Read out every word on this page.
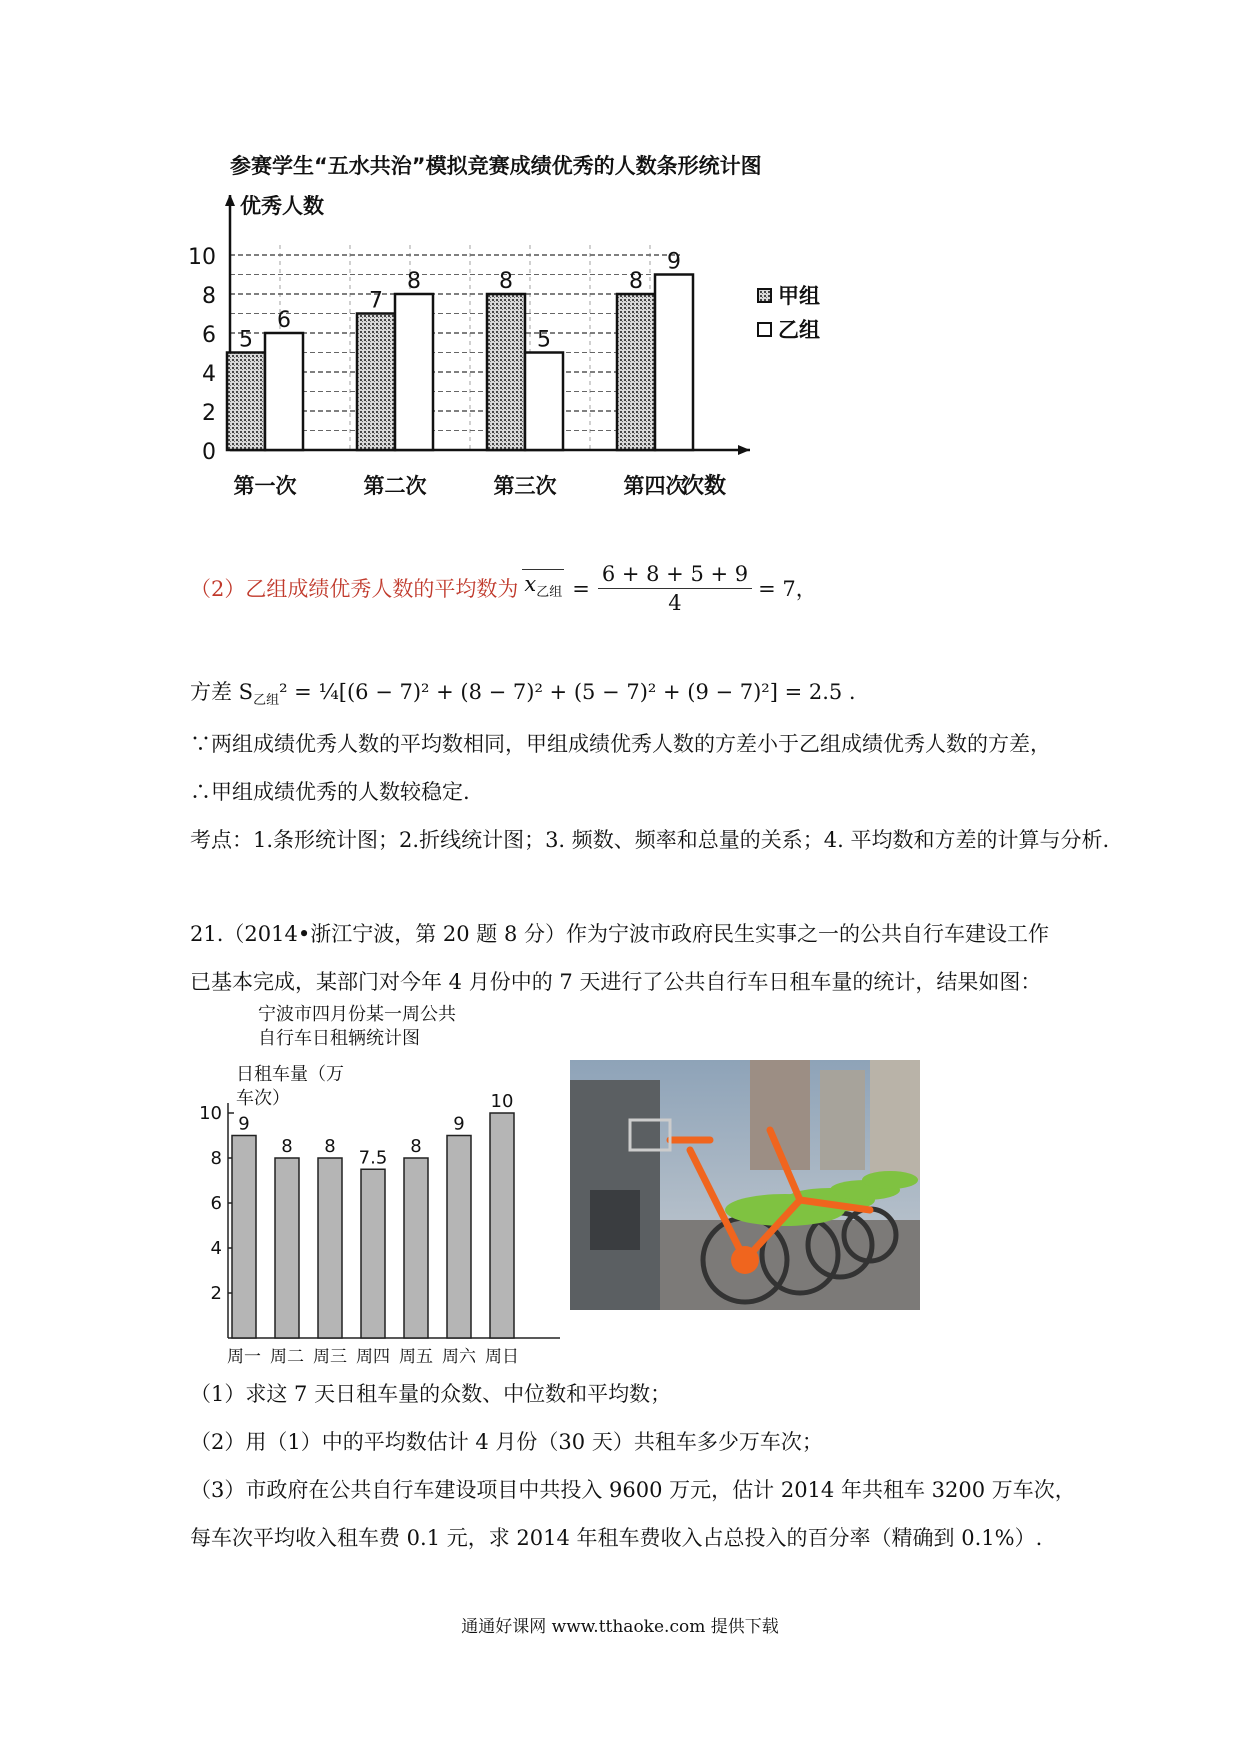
参赛学生“五水共治”模拟竞赛成绩优秀的人数条形统计图
0
2
4
6
8
10
优秀人数
次数
5
6
第一次
7
8
第二次
8
5
第三次
8
9
第四次
甲组
乙组
（2）乙组成绩优秀人数的平均数为 $x_{乙组} = \frac{6 + 8 + 5 + 9}{4} = 7$，
方差 $S_{乙组}^2$ = ¼[(6 − 7)² + (8 − 7)² + (5 − 7)² + (9 − 7)²] = 2.5 .
∵两组成绩优秀人数的平均数相同，甲组成绩优秀人数的方差小于乙组成绩优秀人数的方差，
∴甲组成绩优秀的人数较稳定.
考点：1.条形统计图；2.折线统计图；3. 频数、频率和总量的关系；4. 平均数和方差的计算与分析.
21.（2014•浙江宁波，第 20 题 8 分）作为宁波市政府民生实事之一的公共自行车建设工作
已基本完成，某部门对今年 4 月份中的 7 天进行了公共自行车日租车量的统计，结果如图：
宁波市四月份某一周公共
自行车日租辆统计图
日租车量（万
车次）
2
4
6
8
10 9
周一
8
周二
8
周三
7.5
周四
8
周五
9
周六
10
周日
（1）求这 7 天日租车量的众数、中位数和平均数；
（2）用（1）中的平均数估计 4 月份（30 天）共租车多少万车次；
（3）市政府在公共自行车建设项目中共投入 9600 万元，估计 2014 年共租车 3200 万车次，
每车次平均收入租车费 0.1 元，求 2014 年租车费收入占总投入的百分率（精确到 0.1%）.
通通好课网 www.tthaoke.com 提供下载
